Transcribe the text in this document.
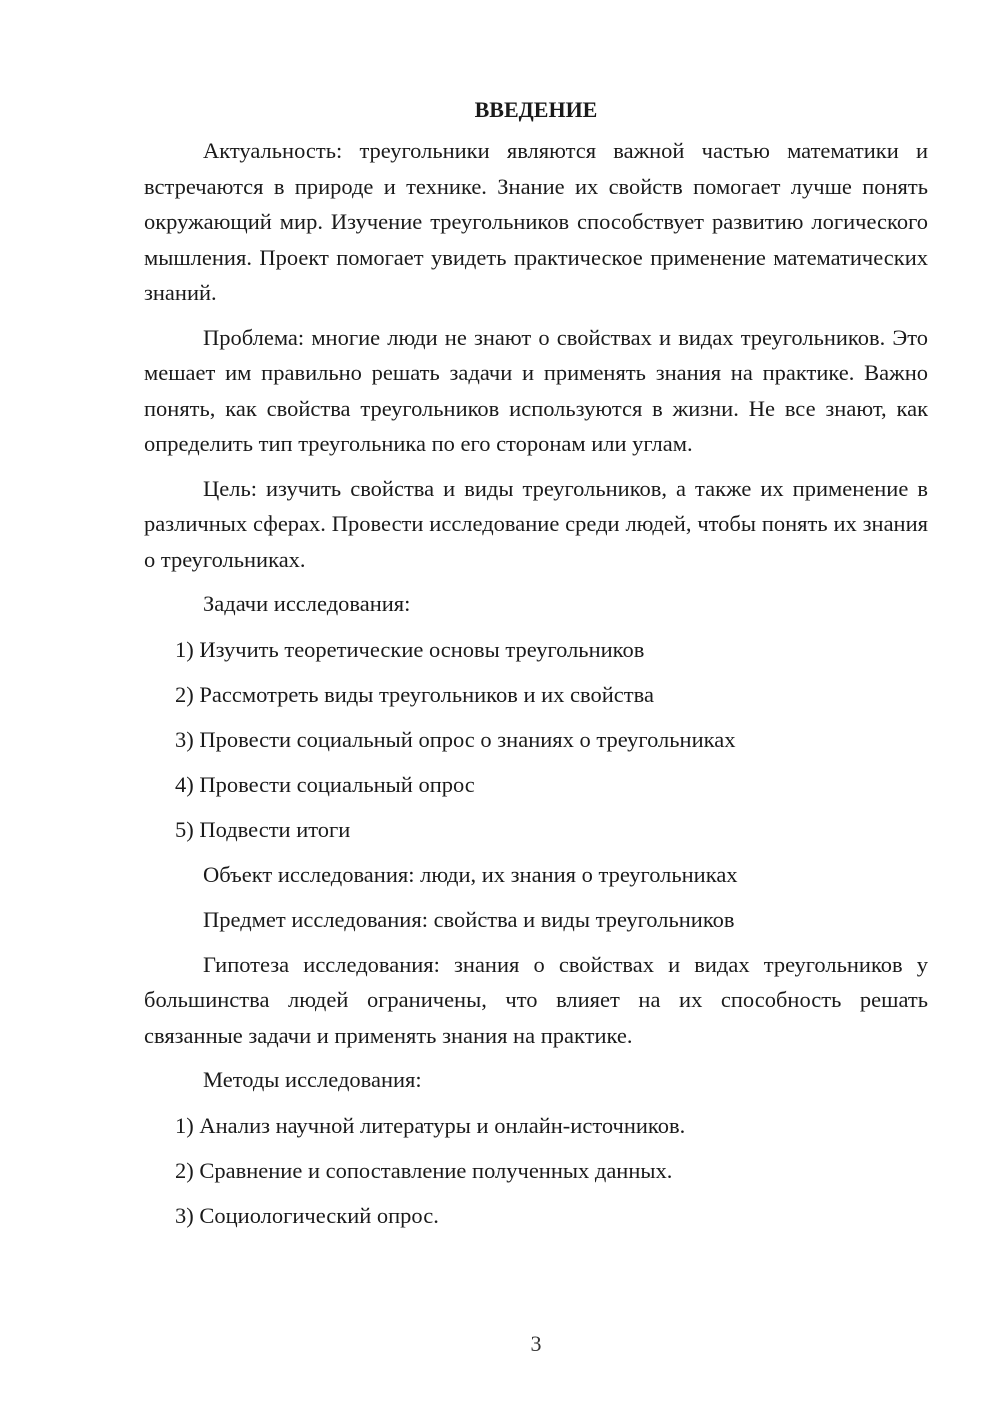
ВВЕДЕНИЕ

Актуальность: треугольники являются важной частью математики и встречаются в природе и технике. Знание их свойств помогает лучше понять окружающий мир. Изучение треугольников способствует развитию логического мышления. Проект помогает увидеть практическое применение математических знаний.

Проблема: многие люди не знают о свойствах и видах треугольников. Это мешает им правильно решать задачи и применять знания на практике. Важно понять, как свойства треугольников используются в жизни. Не все знают, как определить тип треугольника по его сторонам или углам.

Цель: изучить свойства и виды треугольников, а также их применение в различных сферах. Провести исследование среди людей, чтобы понять их знания о треугольниках.

Задачи исследования:

1) Изучить теоретические основы треугольников
2) Рассмотреть виды треугольников и их свойства
3) Провести социальный опрос о знаниях о треугольниках
4) Провести социальный опрос
5) Подвести итоги

Объект исследования: люди, их знания о треугольниках

Предмет исследования: свойства и виды треугольников

Гипотеза исследования: знания о свойствах и видах треугольников у большинства людей ограничены, что влияет на их способность решать связанные задачи и применять знания на практике.

Методы исследования:

1) Анализ научной литературы и онлайн-источников.
2) Сравнение и сопоставление полученных данных.
3) Социологический опрос.
3
